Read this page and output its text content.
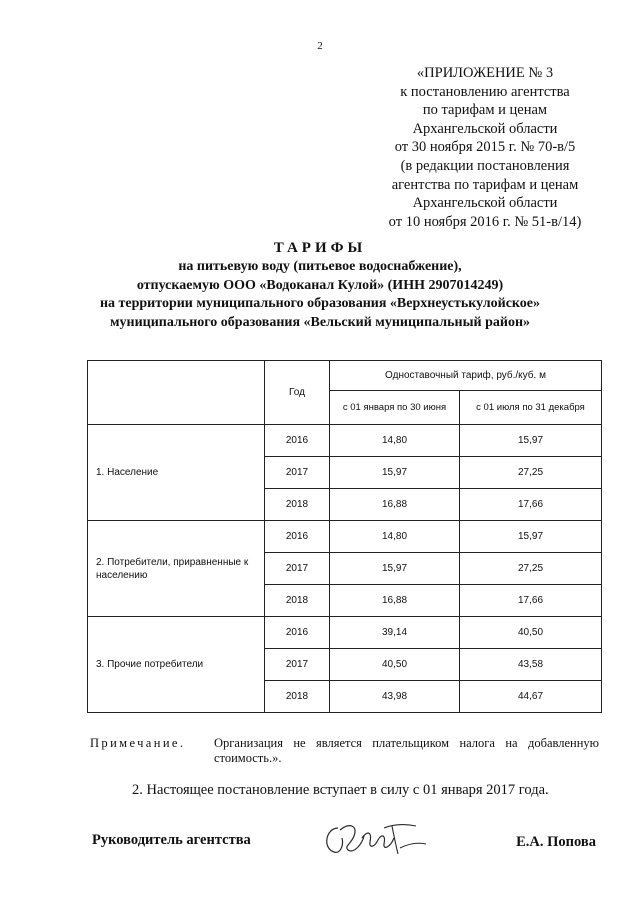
2
«ПРИЛОЖЕНИЕ № 3
к постановлению агентства
по тарифам и ценам
Архангельской области
от 30 ноября 2015 г. № 70-в/5
(в редакции постановления
агентства по тарифам и ценам
Архангельской области
от 10 ноября 2016 г. № 51-в/14)
ТАРИФЫ
на питьевую воду (питьевое водоснабжение),
отпускаемую ООО «Водоканал Кулой» (ИНН 2907014249)
на территории муниципального образования «Верхнеустькулойское»
муниципального образования «Вельский муниципальный район»
	Год	Одноставочный тариф, руб./куб. м	
		с 01 января по 30 июня	с 01 июля по 31 декабря
1. Население	2016	14,80	15,97
	2017	15,97	27,25
	2018	16,88	17,66
2. Потребители, приравненные к населению	2016	14,80	15,97
	2017	15,97	27,25
	2018	16,88	17,66
3. Прочие потребители	2016	39,14	40,50
	2017	40,50	43,58
	2018	43,98	44,67
Примечание. Организация не является плательщиком налога на добавленную стоимость.».
2. Настоящее постановление вступает в силу с 01 января 2017 года.
Руководитель агентства	Е.А. Попова
